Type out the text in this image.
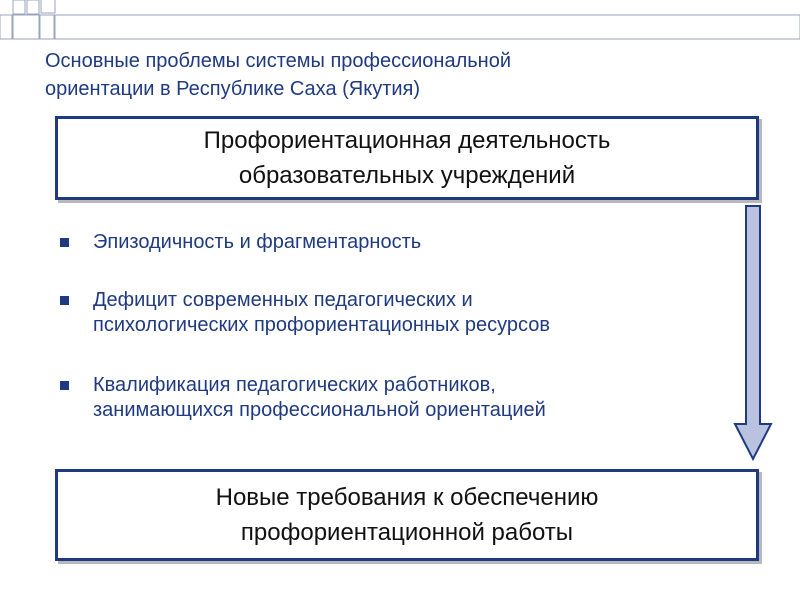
Основные проблемы системы профессиональной
ориентации в Республике Саха (Якутия)
Профориентационная деятельность
образовательных учреждений
Эпизодичность и фрагментарность
Дефицит современных педагогических и
психологических профориентационных ресурсов
Квалификация педагогических работников,
занимающихся профессиональной ориентацией
Новые требования к обеспечению
профориентационной работы
